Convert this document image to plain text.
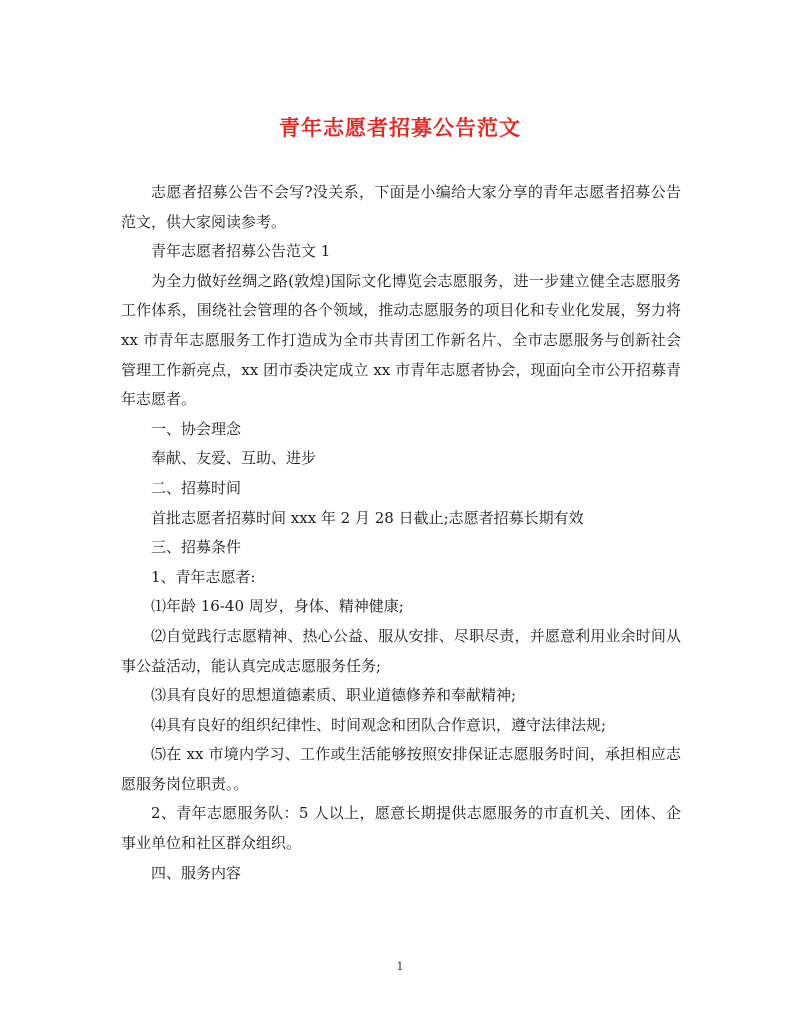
青年志愿者招募公告范文

志愿者招募公告不会写?没关系，下面是小编给大家分享的青年志愿者招募公告范文，供大家阅读参考。

青年志愿者招募公告范文 1

为全力做好丝绸之路(敦煌)国际文化博览会志愿服务，进一步建立健全志愿服务工作体系，围绕社会管理的各个领域，推动志愿服务的项目化和专业化发展，努力将 xx 市青年志愿服务工作打造成为全市共青团工作新名片、全市志愿服务与创新社会管理工作新亮点，xx 团市委决定成立 xx 市青年志愿者协会，现面向全市公开招募青年志愿者。

一、协会理念

奉献、友爱、互助、进步

二、招募时间

首批志愿者招募时间 xxx 年 2 月 28 日截止;志愿者招募长期有效

三、招募条件

1、青年志愿者:

⑴年龄 16-40 周岁，身体、精神健康;

⑵自觉践行志愿精神、热心公益、服从安排、尽职尽责，并愿意利用业余时间从事公益活动，能认真完成志愿服务任务;

⑶具有良好的思想道德素质、职业道德修养和奉献精神;

⑷具有良好的组织纪律性、时间观念和团队合作意识，遵守法律法规;

⑸在 xx 市境内学习、工作或生活能够按照安排保证志愿服务时间，承担相应志愿服务岗位职责。。

2、青年志愿服务队：5 人以上，愿意长期提供志愿服务的市直机关、团体、企事业单位和社区群众组织。

四、服务内容

1
